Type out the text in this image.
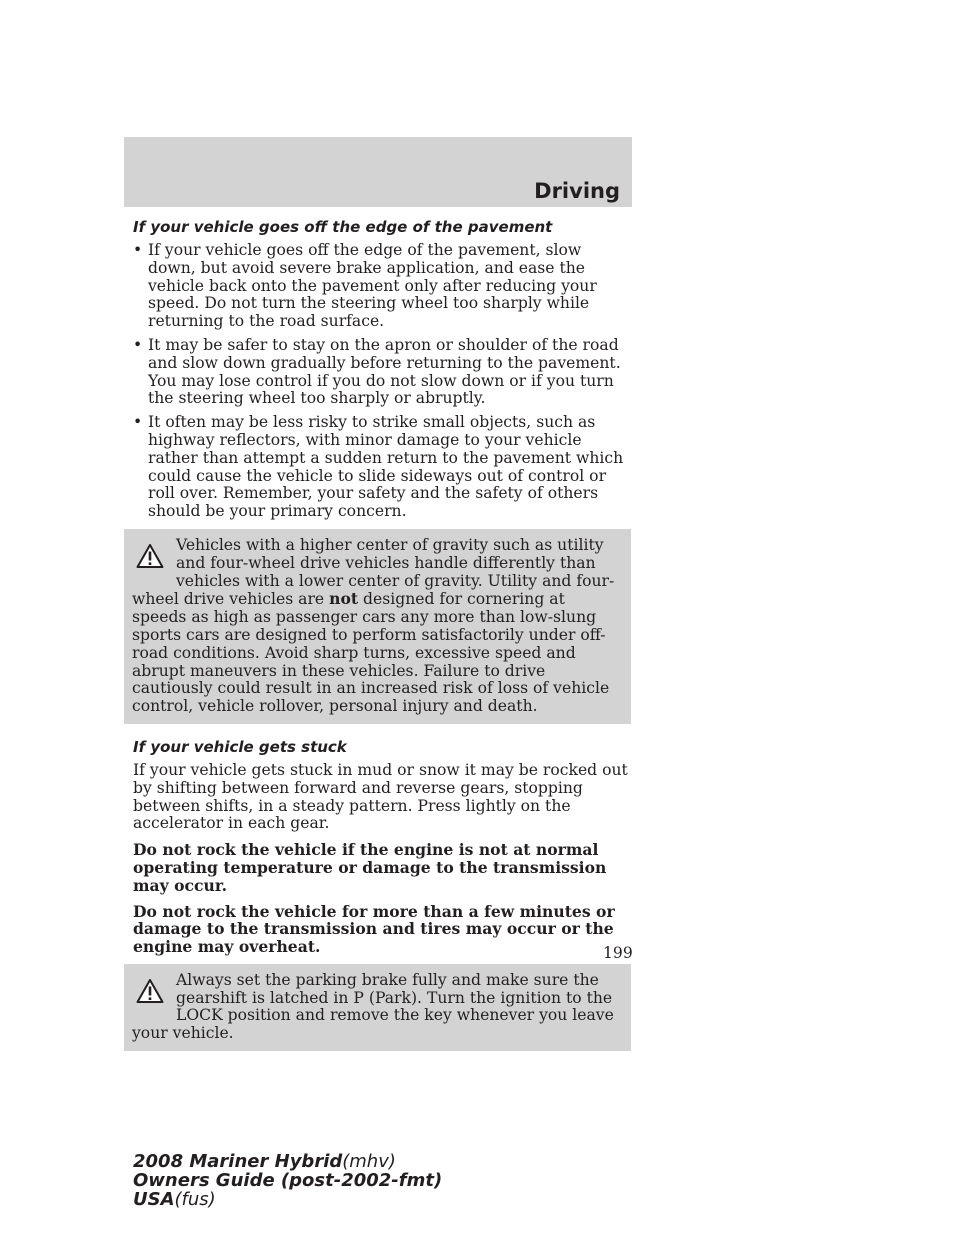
Driving
If your vehicle goes off the edge of the pavement
• If your vehicle goes off the edge of the pavement, slow down, but avoid severe brake application, and ease the vehicle back onto the pavement only after reducing your speed. Do not turn the steering wheel too sharply while returning to the road surface.
• It may be safer to stay on the apron or shoulder of the road and slow down gradually before returning to the pavement. You may lose control if you do not slow down or if you turn the steering wheel too sharply or abruptly.
• It often may be less risky to strike small objects, such as highway reflectors, with minor damage to your vehicle rather than attempt a sudden return to the pavement which could cause the vehicle to slide sideways out of control or roll over. Remember, your safety and the safety of others should be your primary concern.

Vehicles with a higher center of gravity such as utility and four-wheel drive vehicles handle differently than vehicles with a lower center of gravity. Utility and four-wheel drive vehicles are not designed for cornering at speeds as high as passenger cars any more than low-slung sports cars are designed to perform satisfactorily under off-road conditions. Avoid sharp turns, excessive speed and abrupt maneuvers in these vehicles. Failure to drive cautiously could result in an increased risk of loss of vehicle control, vehicle rollover, personal injury and death.

If your vehicle gets stuck

If your vehicle gets stuck in mud or snow it may be rocked out by shifting between forward and reverse gears, stopping between shifts, in a steady pattern. Press lightly on the accelerator in each gear.

Do not rock the vehicle if the engine is not at normal operating temperature or damage to the transmission may occur.

Do not rock the vehicle for more than a few minutes or damage to the transmission and tires may occur or the engine may overheat.

Always set the parking brake fully and make sure the gearshift is latched in P (Park). Turn the ignition to the LOCK position and remove the key whenever you leave your vehicle.

199

2008 Mariner Hybrid(mhv)
Owners Guide (post-2002-fmt)
USA(fus)
